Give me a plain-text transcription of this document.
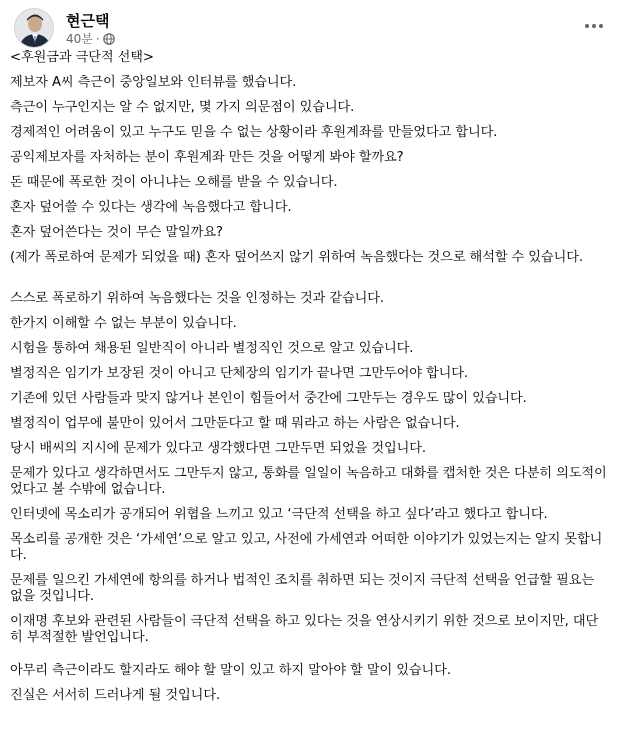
현근택
40분 ·
<후원금과 극단적 선택>
제보자 A씨 측근이 중앙일보와 인터뷰를 했습니다.
측근이 누구인지는 알 수 없지만, 몇 가지 의문점이 있습니다.
경제적인 어려움이 있고 누구도 믿을 수 없는 상황이라 후원계좌를 만들었다고 합니다.
공익제보자를 자처하는 분이 후원계좌 만든 것을 어떻게 봐야 할까요?
돈 때문에 폭로한 것이 아니냐는 오해를 받을 수 있습니다.
혼자 덮어쓸 수 있다는 생각에 녹음했다고 합니다.
혼자 덮어쓴다는 것이 무슨 말일까요?
(제가 폭로하여 문제가 되었을 때) 혼자 덮어쓰지 않기 위하여 녹음했다는 것으로 해석할 수 있습니다.
스스로 폭로하기 위하여 녹음했다는 것을 인정하는 것과 같습니다.
한가지 이해할 수 없는 부분이 있습니다.
시험을 통하여 채용된 일반직이 아니라 별정직인 것으로 알고 있습니다.
별정직은 임기가 보장된 것이 아니고 단체장의 임기가 끝나면 그만두어야 합니다.
기존에 있던 사람들과 맞지 않거나 본인이 힘들어서 중간에 그만두는 경우도 많이 있습니다.
별정직이 업무에 불만이 있어서 그만둔다고 할 때 뭐라고 하는 사람은 없습니다.
당시 배씨의 지시에 문제가 있다고 생각했다면 그만두면 되었을 것입니다.
문제가 있다고 생각하면서도 그만두지 않고, 통화를 일일이 녹음하고 대화를 캡처한 것은 다분히 의도적이었다고 볼 수밖에 없습니다.
인터넷에 목소리가 공개되어 위협을 느끼고 있고 ‘극단적 선택을 하고 싶다’라고 했다고 합니다.
목소리를 공개한 것은 ‘가세연’으로 알고 있고, 사전에 가세연과 어떠한 이야기가 있었는지는 알지 못합니다.
문제를 일으킨 가세연에 항의를 하거나 법적인 조치를 취하면 되는 것이지 극단적 선택을 언급할 필요는 없을 것입니다.
이재명 후보와 관련된 사람들이 극단적 선택을 하고 있다는 것을 연상시키기 위한 것으로 보이지만, 대단히 부적절한 발언입니다.
아무리 측근이라도 할지라도 해야 할 말이 있고 하지 말아야 할 말이 있습니다.
진실은 서서히 드러나게 될 것입니다.
